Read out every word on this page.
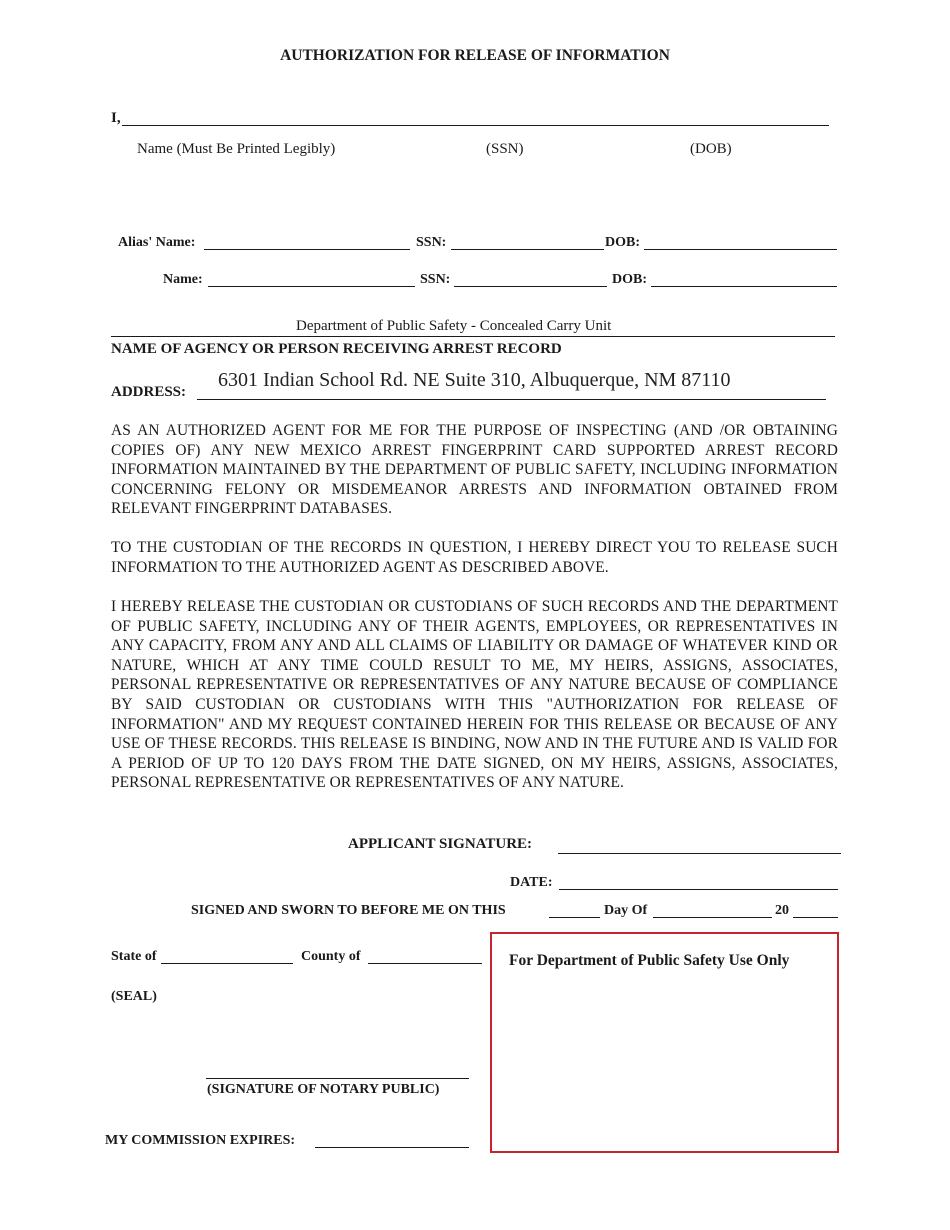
AUTHORIZATION FOR RELEASE OF INFORMATION
I,
Name (Must Be Printed Legibly)	(SSN)	(DOB)
Alias' Name:	SSN:	DOB:
Name:	SSN:	DOB:
Department of Public Safety - Concealed Carry Unit
NAME OF AGENCY OR PERSON RECEIVING ARREST RECORD
ADDRESS:
6301 Indian School Rd. NE Suite 310, Albuquerque, NM 87110
AS AN AUTHORIZED AGENT FOR ME FOR THE PURPOSE OF INSPECTING (AND /OR OBTAINING COPIES OF) ANY NEW MEXICO ARREST FINGERPRINT CARD SUPPORTED ARREST RECORD INFORMATION MAINTAINED BY THE DEPARTMENT OF PUBLIC SAFETY, INCLUDING INFORMATION CONCERNING FELONY OR MISDEMEANOR ARRESTS AND INFORMATION OBTAINED FROM RELEVANT FINGERPRINT DATABASES.
TO THE CUSTODIAN OF THE RECORDS IN QUESTION, I HEREBY DIRECT YOU TO RELEASE SUCH INFORMATION TO THE AUTHORIZED AGENT AS DESCRIBED ABOVE.
I HEREBY RELEASE THE CUSTODIAN OR CUSTODIANS OF SUCH RECORDS AND THE DEPARTMENT OF PUBLIC SAFETY, INCLUDING ANY OF THEIR AGENTS, EMPLOYEES, OR REPRESENTATIVES IN ANY CAPACITY, FROM ANY AND ALL CLAIMS OF LIABILITY OR DAMAGE OF WHATEVER KIND OR NATURE, WHICH AT ANY TIME COULD RESULT TO ME, MY HEIRS, ASSIGNS, ASSOCIATES, PERSONAL REPRESENTATIVE OR REPRESENTATIVES OF ANY NATURE BECAUSE OF COMPLIANCE BY SAID CUSTODIAN OR CUSTODIANS WITH THIS "AUTHORIZATION FOR RELEASE OF INFORMATION" AND MY REQUEST CONTAINED HEREIN FOR THIS RELEASE OR BECAUSE OF ANY USE OF THESE RECORDS. THIS RELEASE IS BINDING, NOW AND IN THE FUTURE AND IS VALID FOR A PERIOD OF UP TO 120 DAYS FROM THE DATE SIGNED, ON MY HEIRS, ASSIGNS, ASSOCIATES, PERSONAL REPRESENTATIVE OR REPRESENTATIVES OF ANY NATURE.
APPLICANT SIGNATURE:
DATE:
SIGNED AND SWORN TO BEFORE ME ON THIS	Day Of	20
State of	County of
(SEAL)
(SIGNATURE OF NOTARY PUBLIC)
MY COMMISSION EXPIRES:
For Department of Public Safety Use Only
